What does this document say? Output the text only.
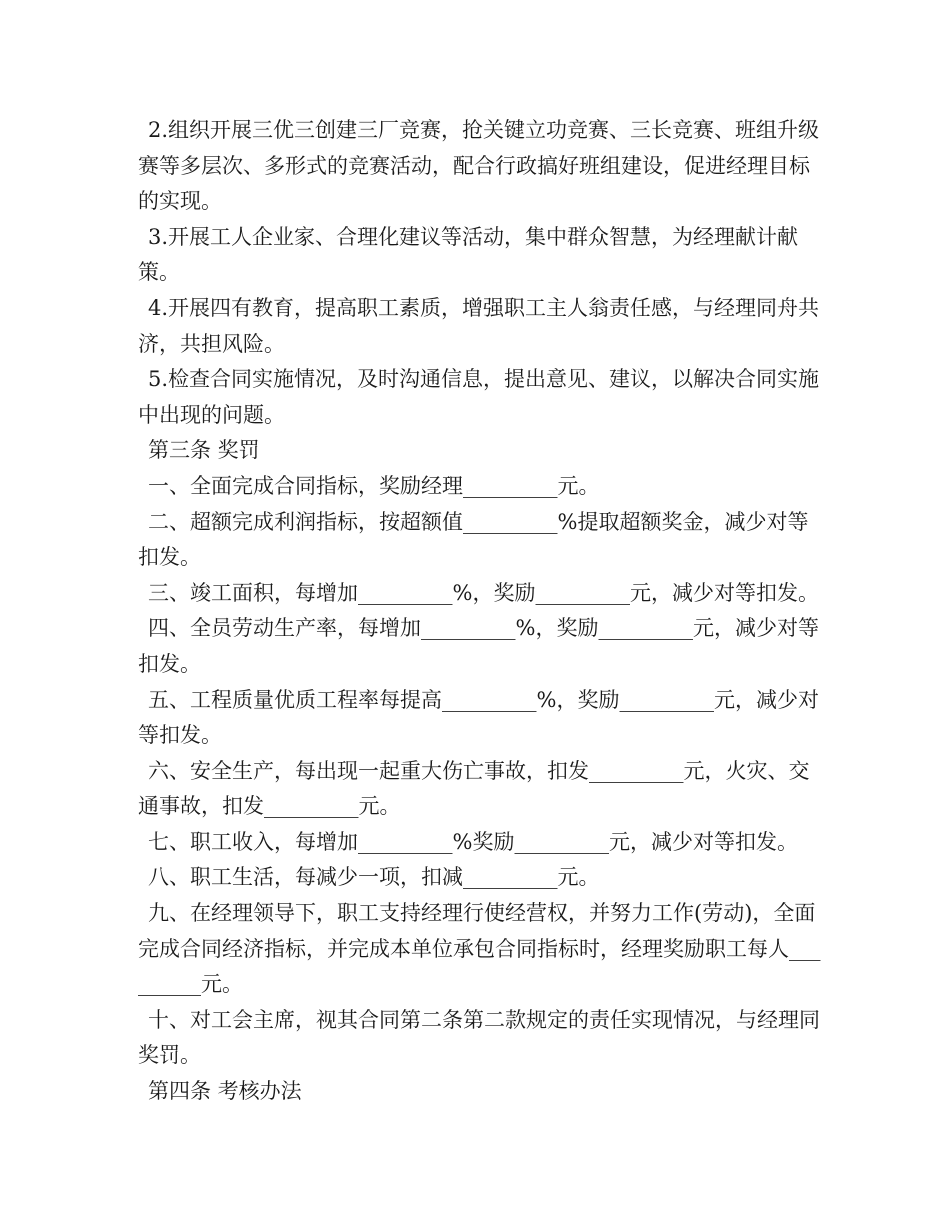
2.组织开展三优三创建三厂竞赛，抢关键立功竞赛、三长竞赛、班组升级赛等多层次、多形式的竞赛活动，配合行政搞好班组建设，促进经理目标的实现。

3.开展工人企业家、合理化建议等活动，集中群众智慧，为经理献计献策。

4.开展四有教育，提高职工素质，增强职工主人翁责任感，与经理同舟共济，共担风险。

5.检查合同实施情况，及时沟通信息，提出意见、建议，以解决合同实施中出现的问题。

第三条 奖罚

一、全面完成合同指标，奖励经理_________元。

二、超额完成利润指标，按超额值_________%提取超额奖金，减少对等扣发。

三、竣工面积，每增加_________%，奖励_________元，减少对等扣发。

四、全员劳动生产率，每增加_________%，奖励_________元，减少对等扣发。

五、工程质量优质工程率每提高_________%，奖励_________元，减少对等扣发。

六、安全生产，每出现一起重大伤亡事故，扣发_________元，火灾、交通事故，扣发_________元。

七、职工收入，每增加_________%奖励_________元，减少对等扣发。

八、职工生活，每减少一项，扣减_________元。

九、在经理领导下，职工支持经理行使经营权，并努力工作(劳动)，全面完成合同经济指标，并完成本单位承包合同指标时，经理奖励职工每人_________元。

十、对工会主席，视其合同第二条第二款规定的责任实现情况，与经理同奖罚。

第四条 考核办法
